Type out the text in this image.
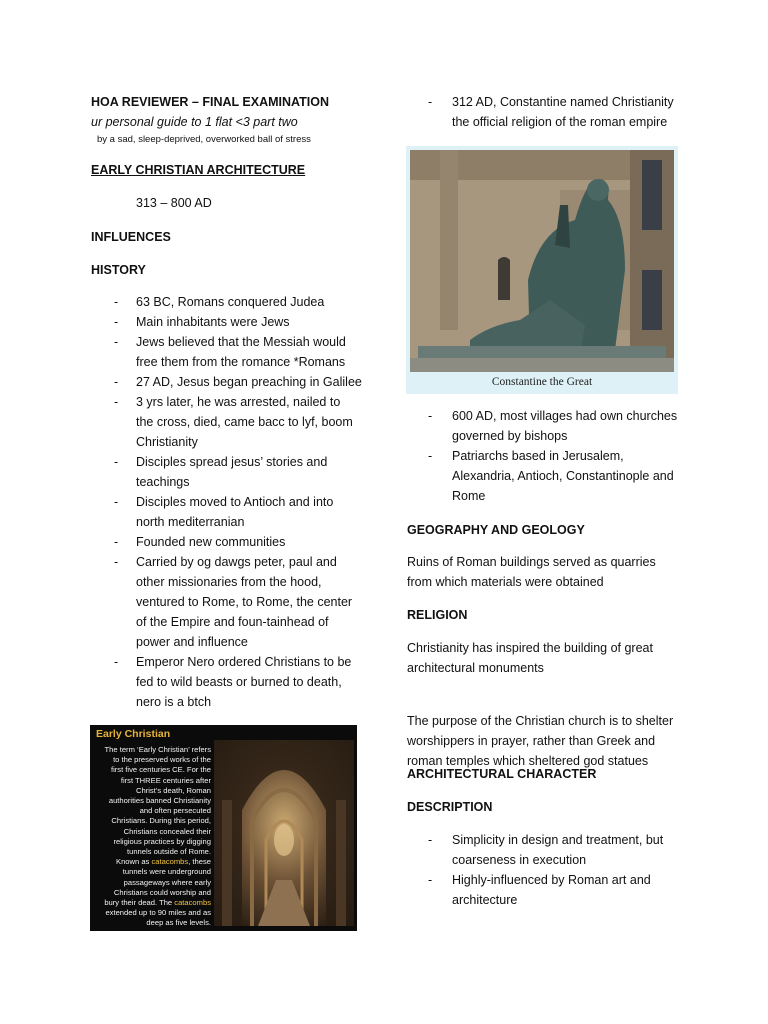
HOA REVIEWER – FINAL EXAMINATION
ur personal guide to 1 flat <3 part two
by a sad, sleep-deprived, overworked ball of stress
EARLY CHRISTIAN ARCHITECTURE
313 – 800 AD
INFLUENCES
HISTORY
- 63 BC, Romans conquered Judea
- Main inhabitants were Jews
- Jews believed that the Messiah would
free them from the romance *Romans
- 27 AD, Jesus began preaching in Galilee
- 3 yrs later, he was arrested, nailed to
the cross, died, came bacc to lyf, boom
Christianity
- Disciples spread jesus’ stories and
teachings
- Disciples moved to Antioch and into
north mediterranian
- Founded new communities
- Carried by og dawgs peter, paul and
other missionaries from the hood,
ventured to Rome, to Rome, the center
of the Empire and foun-tainhead of
power and influence
- Emperor Nero ordered Christians to be
fed to wild beasts or burned to death,
nero is a btch
Early Christian
The term ‘Early Christian’ refers
to the preserved works of the
first five centuries CE. For the
first THREE centuries after
Christ’s death, Roman
authorities banned Christianity
and often persecuted
Christians. During this period,
Christians concealed their
religious practices by digging
tunnels outside of Rome.
Known as catacombs, these
tunnels were underground
passageways where early
Christians could worship and
bury their dead. The catacombs
extended up to 90 miles and as
deep as five levels.
- 312 AD, Constantine named Christianity
the official religion of the roman empire
Constantine the Great
- 600 AD, most villages had own churches
governed by bishops
- Patriarchs based in Jerusalem,
Alexandria, Antioch, Constantinople and
Rome
GEOGRAPHY AND GEOLOGY
Ruins of Roman buildings served as quarries
from which materials were obtained
RELIGION
Christianity has inspired the building of great
architectural monuments
The purpose of the Christian church is to shelter
worshippers in prayer, rather than Greek and
roman temples which sheltered god statues
ARCHITECTURAL CHARACTER
DESCRIPTION
- Simplicity in design and treatment, but
coarseness in execution
- Highly-influenced by Roman art and
architecture
